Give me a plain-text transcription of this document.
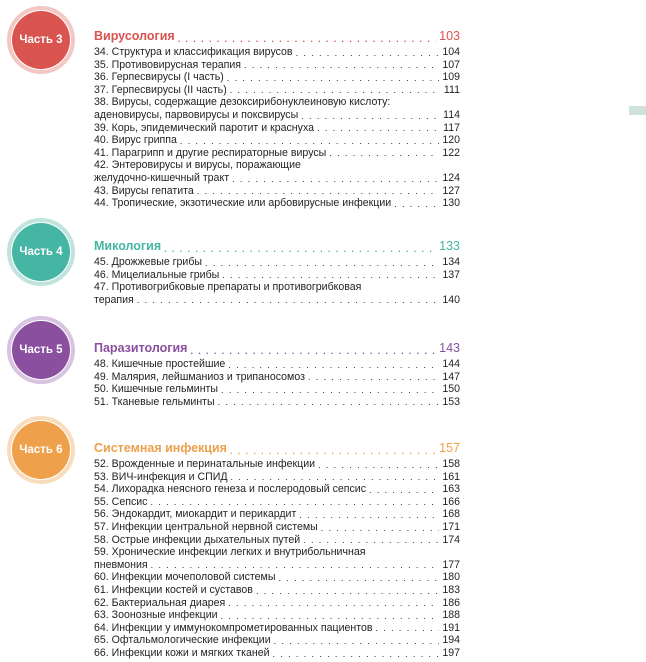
Часть 3	Вирусология . . .	103
34. Структура и классификация вирусов . . .	104
35. Противовирусная терапия . . .	107
36. Герпесвирусы (I часть) . . .	109
37. Герпесвирусы (II часть) . . .	111
38. Вирусы, содержащие дезоксирибонуклеиновую кислоту:
аденовирусы, парвовирусы и поксвирусы . . .	114
39. Корь, эпидемический паротит и краснуха . . .	117
40. Вирус гриппа . . .	120
41. Парагрипп и другие респираторные вирусы . . .	122
42. Энтеровирусы и вирусы, поражающие
желудочно-кишечный тракт . . .	124
43. Вирусы гепатита . . .	127
44. Тропические, экзотические или арбовирусные инфекции . . .	130
Часть 4	Микология . . .	133
45. Дрожжевые грибы . . .	134
46. Мицелиальные грибы . . .	137
47. Противогрибковые препараты и противогрибковая
терапия . . .	140
Часть 5	Паразитология . . .	143
48. Кишечные простейшие . . .	144
49. Малярия, лейшманиоз и трипаносомоз . . .	147
50. Кишечные гельминты . . .	150
51. Тканевые гельминты . . .	153
Часть 6	Системная инфекция . . .	157
52. Врожденные и перинатальные инфекции . . .	158
53. ВИЧ-инфекция и СПИД . . .	161
54. Лихорадка неясного генеза и послеродовый сепсис . . .	163
55. Сепсис . . .	166
56. Эндокардит, миокардит и перикардит . . .	168
57. Инфекции центральной нервной системы . . .	171
58. Острые инфекции дыхательных путей . . .	174
59. Хронические инфекции легких и внутрибольничная
пневмония . . .	177
60. Инфекции мочеполовой системы . . .	180
61. Инфекции костей и суставов . . .	183
62. Бактериальная диарея . . .	186
63. Зоонозные инфекции . . .	188
64. Инфекции у иммунокомпрометированных пациентов . . .	191
65. Офтальмологические инфекции . . .	194
66. Инфекции кожи и мягких тканей . . .	197
